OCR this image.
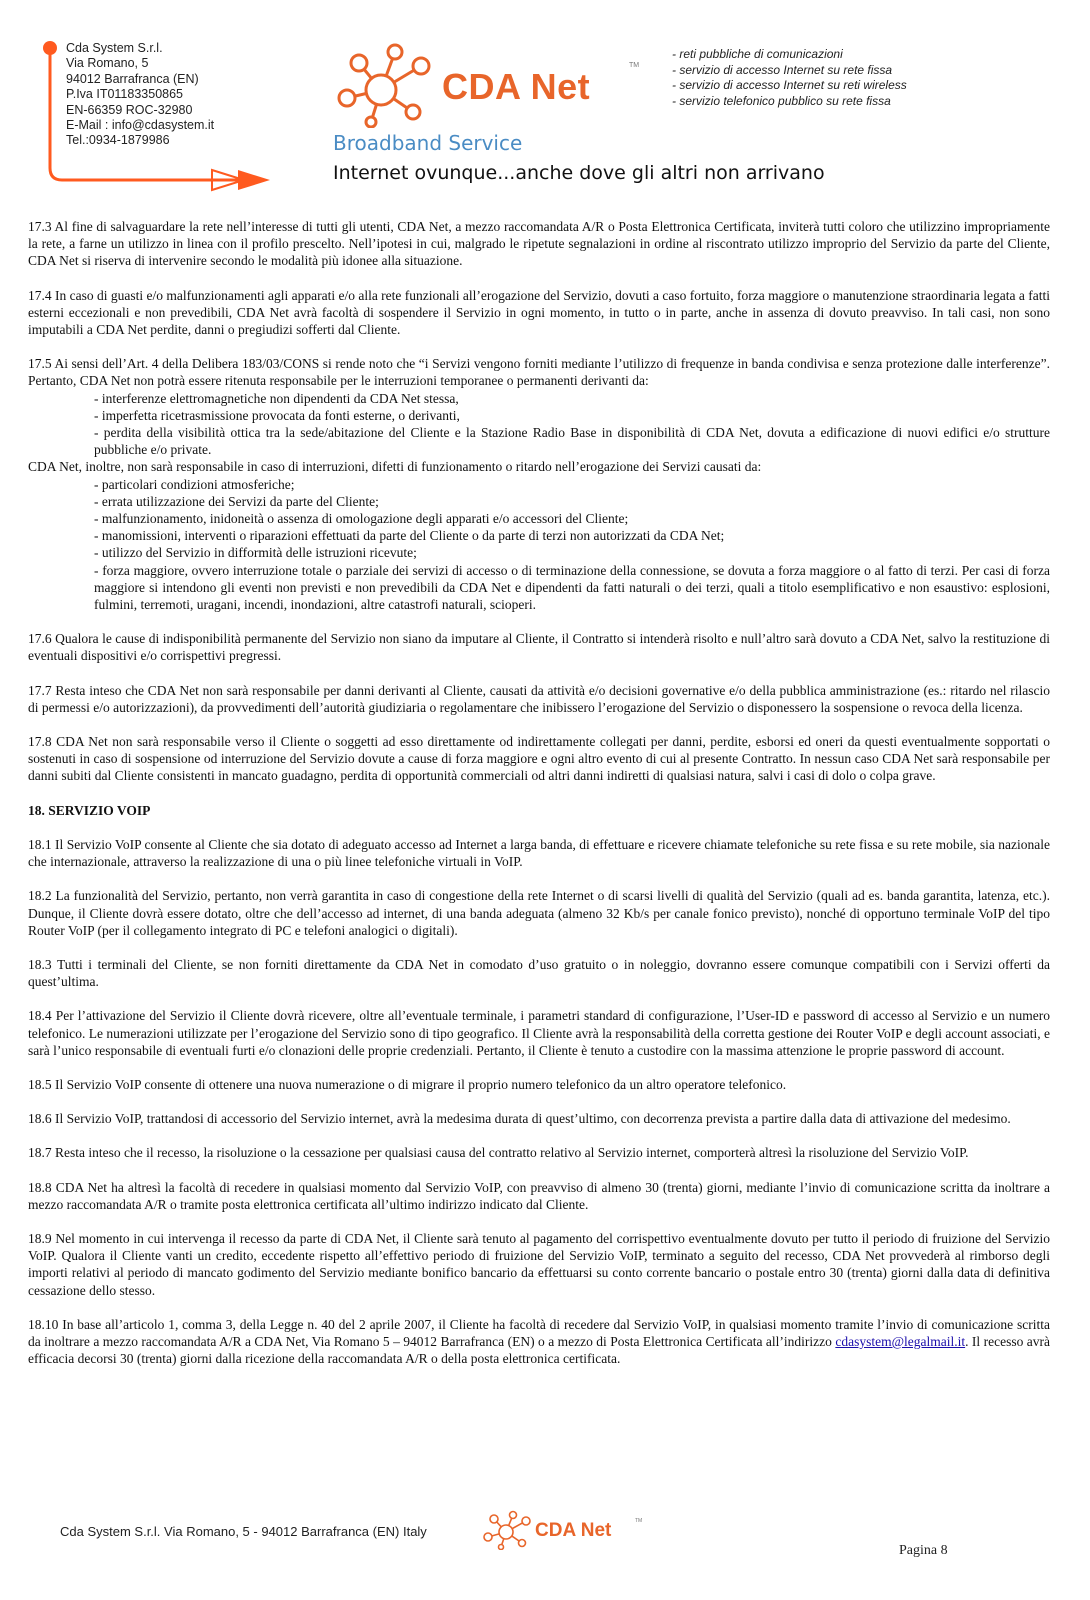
Cda System S.r.l.
Via Romano, 5
94012 Barrafranca (EN)
P.Iva IT01183350865
EN-66359 ROC-32980
E-Mail : info@cdasystem.it
Tel.:0934-1879986
CDA Net
TM
Broadband Service
Internet ovunque...anche dove gli altri non arrivano
- reti pubbliche di comunicazioni
- servizio di accesso Internet su rete fissa
- servizio di accesso Internet su reti wireless
- servizio telefonico pubblico su rete fissa

17.3 Al fine di salvaguardare la rete nell’interesse di tutti gli utenti, CDA Net, a mezzo raccomandata A/R o Posta Elettronica Certificata, inviterà tutti coloro che utilizzino impropriamente la rete, a farne un utilizzo in linea con il profilo prescelto. Nell’ipotesi in cui, malgrado le ripetute segnalazioni in ordine al riscontrato utilizzo improprio del Servizio da parte del Cliente, CDA Net si riserva di intervenire secondo le modalità più idonee alla situazione.

17.4 In caso di guasti e/o malfunzionamenti agli apparati e/o alla rete funzionali all’erogazione del Servizio, dovuti a caso fortuito, forza maggiore o manutenzione straordinaria legata a fatti esterni eccezionali e non prevedibili, CDA Net avrà facoltà di sospendere il Servizio in ogni momento, in tutto o in parte, anche in assenza di dovuto preavviso. In tali casi, non sono imputabili a CDA Net perdite, danni o pregiudizi sofferti dal Cliente.

17.5 Ai sensi dell’Art. 4 della Delibera 183/03/CONS si rende noto che “i Servizi vengono forniti mediante l’utilizzo di frequenze in banda condivisa e senza protezione dalle interferenze”. Pertanto, CDA Net non potrà essere ritenuta responsabile per le interruzioni temporanee o permanenti derivanti da:

- interferenze elettromagnetiche non dipendenti da CDA Net stessa,
- imperfetta ricetrasmissione provocata da fonti esterne, o derivanti,
- perdita della visibilità ottica tra la sede/abitazione del Cliente e la Stazione Radio Base in disponibilità di CDA Net, dovuta a edificazione di nuovi edifici e/o strutture pubbliche e/o private.

CDA Net, inoltre, non sarà responsabile in caso di interruzioni, difetti di funzionamento o ritardo nell’erogazione dei Servizi causati da:

- particolari condizioni atmosferiche;
- errata utilizzazione dei Servizi da parte del Cliente;
- malfunzionamento, inidoneità o assenza di omologazione degli apparati e/o accessori del Cliente;
- manomissioni, interventi o riparazioni effettuati da parte del Cliente o da parte di terzi non autorizzati da CDA Net;
- utilizzo del Servizio in difformità delle istruzioni ricevute;
- forza maggiore, ovvero interruzione totale o parziale dei servizi di accesso o di terminazione della connessione, se dovuta a forza maggiore o al fatto di terzi. Per casi di forza maggiore si intendono gli eventi non previsti e non prevedibili da CDA Net e dipendenti da fatti naturali o dei terzi, quali a titolo esemplificativo e non esaustivo: esplosioni, fulmini, terremoti, uragani, incendi, inondazioni, altre catastrofi naturali, scioperi.

17.6 Qualora le cause di indisponibilità permanente del Servizio non siano da imputare al Cliente, il Contratto si intenderà risolto e null’altro sarà dovuto a CDA Net, salvo la restituzione di eventuali dispositivi e/o corrispettivi pregressi.

17.7 Resta inteso che CDA Net non sarà responsabile per danni derivanti al Cliente, causati da attività e/o decisioni governative e/o della pubblica amministrazione (es.: ritardo nel rilascio di permessi e/o autorizzazioni), da provvedimenti dell’autorità giudiziaria o regolamentare che inibissero l’erogazione del Servizio o disponessero la sospensione o revoca della licenza.

17.8 CDA Net non sarà responsabile verso il Cliente o soggetti ad esso direttamente od indirettamente collegati per danni, perdite, esborsi ed oneri da questi eventualmente sopportati o sostenuti in caso di sospensione od interruzione del Servizio dovute a cause di forza maggiore e ogni altro evento di cui al presente Contratto. In nessun caso CDA Net sarà responsabile per danni subiti dal Cliente consistenti in mancato guadagno, perdita di opportunità commerciali od altri danni indiretti di qualsiasi natura, salvi i casi di dolo o colpa grave.

18. SERVIZIO VOIP

18.1 Il Servizio VoIP consente al Cliente che sia dotato di adeguato accesso ad Internet a larga banda, di effettuare e ricevere chiamate telefoniche su rete fissa e su rete mobile, sia nazionale che internazionale, attraverso la realizzazione di una o più linee telefoniche virtuali in VoIP.

18.2 La funzionalità del Servizio, pertanto, non verrà garantita in caso di congestione della rete Internet o di scarsi livelli di qualità del Servizio (quali ad es. banda garantita, latenza, etc.). Dunque, il Cliente dovrà essere dotato, oltre che dell’accesso ad internet, di una banda adeguata (almeno 32 Kb/s per canale fonico previsto), nonché di opportuno terminale VoIP del tipo Router VoIP (per il collegamento integrato di PC e telefoni analogici o digitali).

18.3 Tutti i terminali del Cliente, se non forniti direttamente da CDA Net in comodato d’uso gratuito o in noleggio, dovranno essere comunque compatibili con i Servizi offerti da quest’ultima.

18.4 Per l’attivazione del Servizio il Cliente dovrà ricevere, oltre all’eventuale terminale, i parametri standard di configurazione, l’User-ID e password di accesso al Servizio e un numero telefonico. Le numerazioni utilizzate per l’erogazione del Servizio sono di tipo geografico. Il Cliente avrà la responsabilità della corretta gestione dei Router VoIP e degli account associati, e sarà l’unico responsabile di eventuali furti e/o clonazioni delle proprie credenziali. Pertanto, il Cliente è tenuto a custodire con la massima attenzione le proprie password di account.

18.5 Il Servizio VoIP consente di ottenere una nuova numerazione o di migrare il proprio numero telefonico da un altro operatore telefonico.

18.6 Il Servizio VoIP, trattandosi di accessorio del Servizio internet, avrà la medesima durata di quest’ultimo, con decorrenza prevista a partire dalla data di attivazione del medesimo.

18.7 Resta inteso che il recesso, la risoluzione o la cessazione per qualsiasi causa del contratto relativo al Servizio internet, comporterà altresì la risoluzione del Servizio VoIP.

18.8 CDA Net ha altresì la facoltà di recedere in qualsiasi momento dal Servizio VoIP, con preavviso di almeno 30 (trenta) giorni, mediante l’invio di comunicazione scritta da inoltrare a mezzo raccomandata A/R o tramite posta elettronica certificata all’ultimo indirizzo indicato dal Cliente.

18.9 Nel momento in cui intervenga il recesso da parte di CDA Net, il Cliente sarà tenuto al pagamento del corrispettivo eventualmente dovuto per tutto il periodo di fruizione del Servizio VoIP. Qualora il Cliente vanti un credito, eccedente rispetto all’effettivo periodo di fruizione del Servizio VoIP, terminato a seguito del recesso, CDA Net provvederà al rimborso degli importi relativi al periodo di mancato godimento del Servizio mediante bonifico bancario da effettuarsi su conto corrente bancario o postale entro 30 (trenta) giorni dalla data di definitiva cessazione dello stesso.

18.10 In base all’articolo 1, comma 3, della Legge n. 40 del 2 aprile 2007, il Cliente ha facoltà di recedere dal Servizio VoIP, in qualsiasi momento tramite l’invio di comunicazione scritta da inoltrare a mezzo raccomandata A/R a CDA Net, Via Romano 5 – 94012 Barrafranca (EN) o a mezzo di Posta Elettronica Certificata all’indirizzo cdasystem@legalmail.it. Il recesso avrà efficacia decorsi 30 (trenta) giorni dalla ricezione della raccomandata A/R o della posta elettronica certificata.

Cda System S.r.l. Via Romano, 5 - 94012 Barrafranca (EN) Italy	CDA Net	TM
Pagina 8
